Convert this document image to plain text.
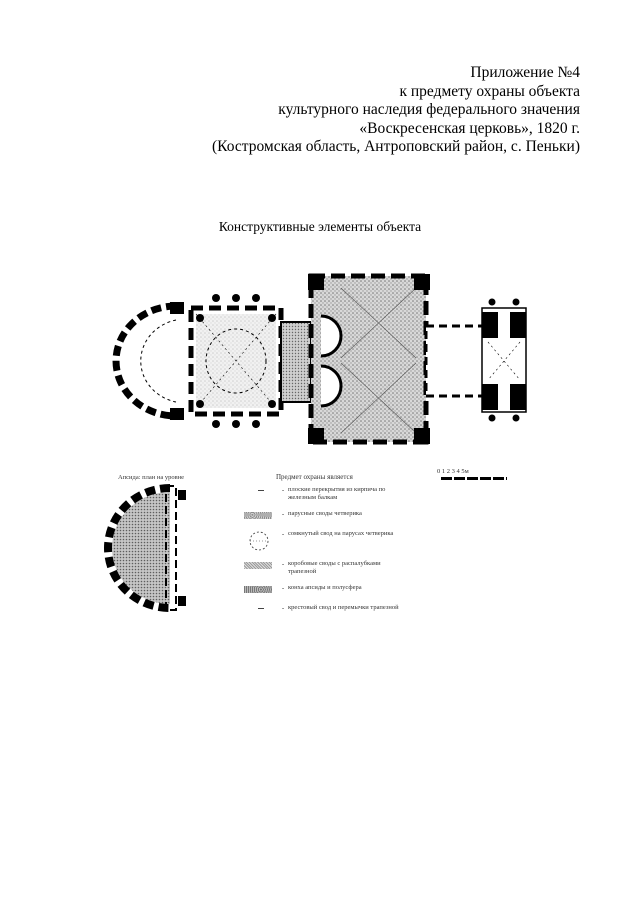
Приложение №4
к предмету охраны объекта
культурного наследия федерального значения
«Воскресенская церковь», 1820 г.
(Костромская область, Антроповский район, с. Пеньки)
Конструктивные элементы объекта
Апсида: план на уровне	Предмет охраны является
0 1 2 3 4 5м
- плоские перекрытия из кирпича по железным балкам
- парусные своды четверика
- сомкнутый свод на парусах четверика
- коробовые своды с распалубками трапезной
- конха апсиды и полусфера
- крестовый свод и перемычки трапезной
